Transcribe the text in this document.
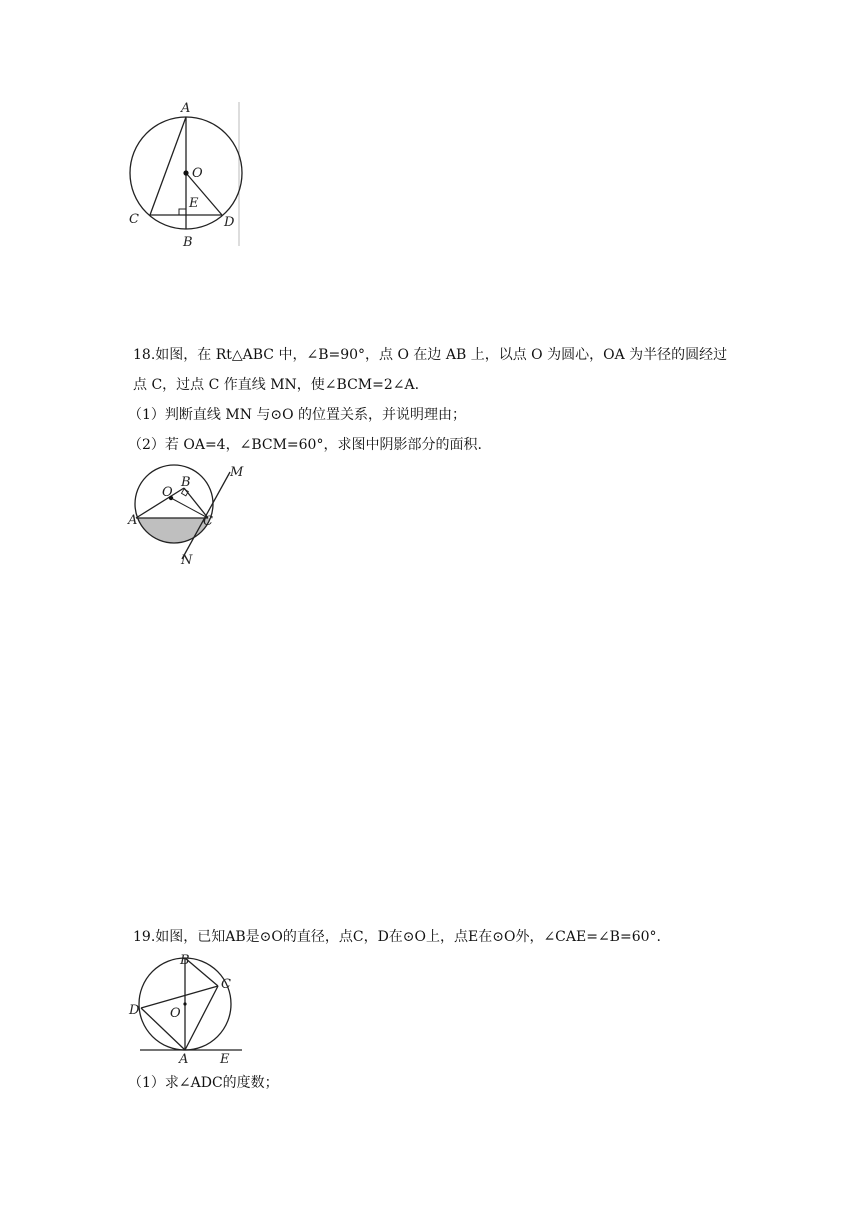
A
O
E
C	D
B

18.如图，在 Rt△ABC 中，∠B=90°，点 O 在边 AB 上，以点 O 为圆心，OA 为半径的圆经过

点 C，过点 C 作直线 MN，使∠BCM=2∠A.

（1）判断直线 MN 与⊙O 的位置关系，并说明理由；

（2）若 OA=4，∠BCM=60°，求图中阴影部分的面积.

M
B
O
A	C
N

19.如图，已知AB是⊙O的直径，点C，D在⊙O上，点E在⊙O外，∠CAE=∠B=60°.

B
C
D O
A E

（1）求∠ADC的度数；
